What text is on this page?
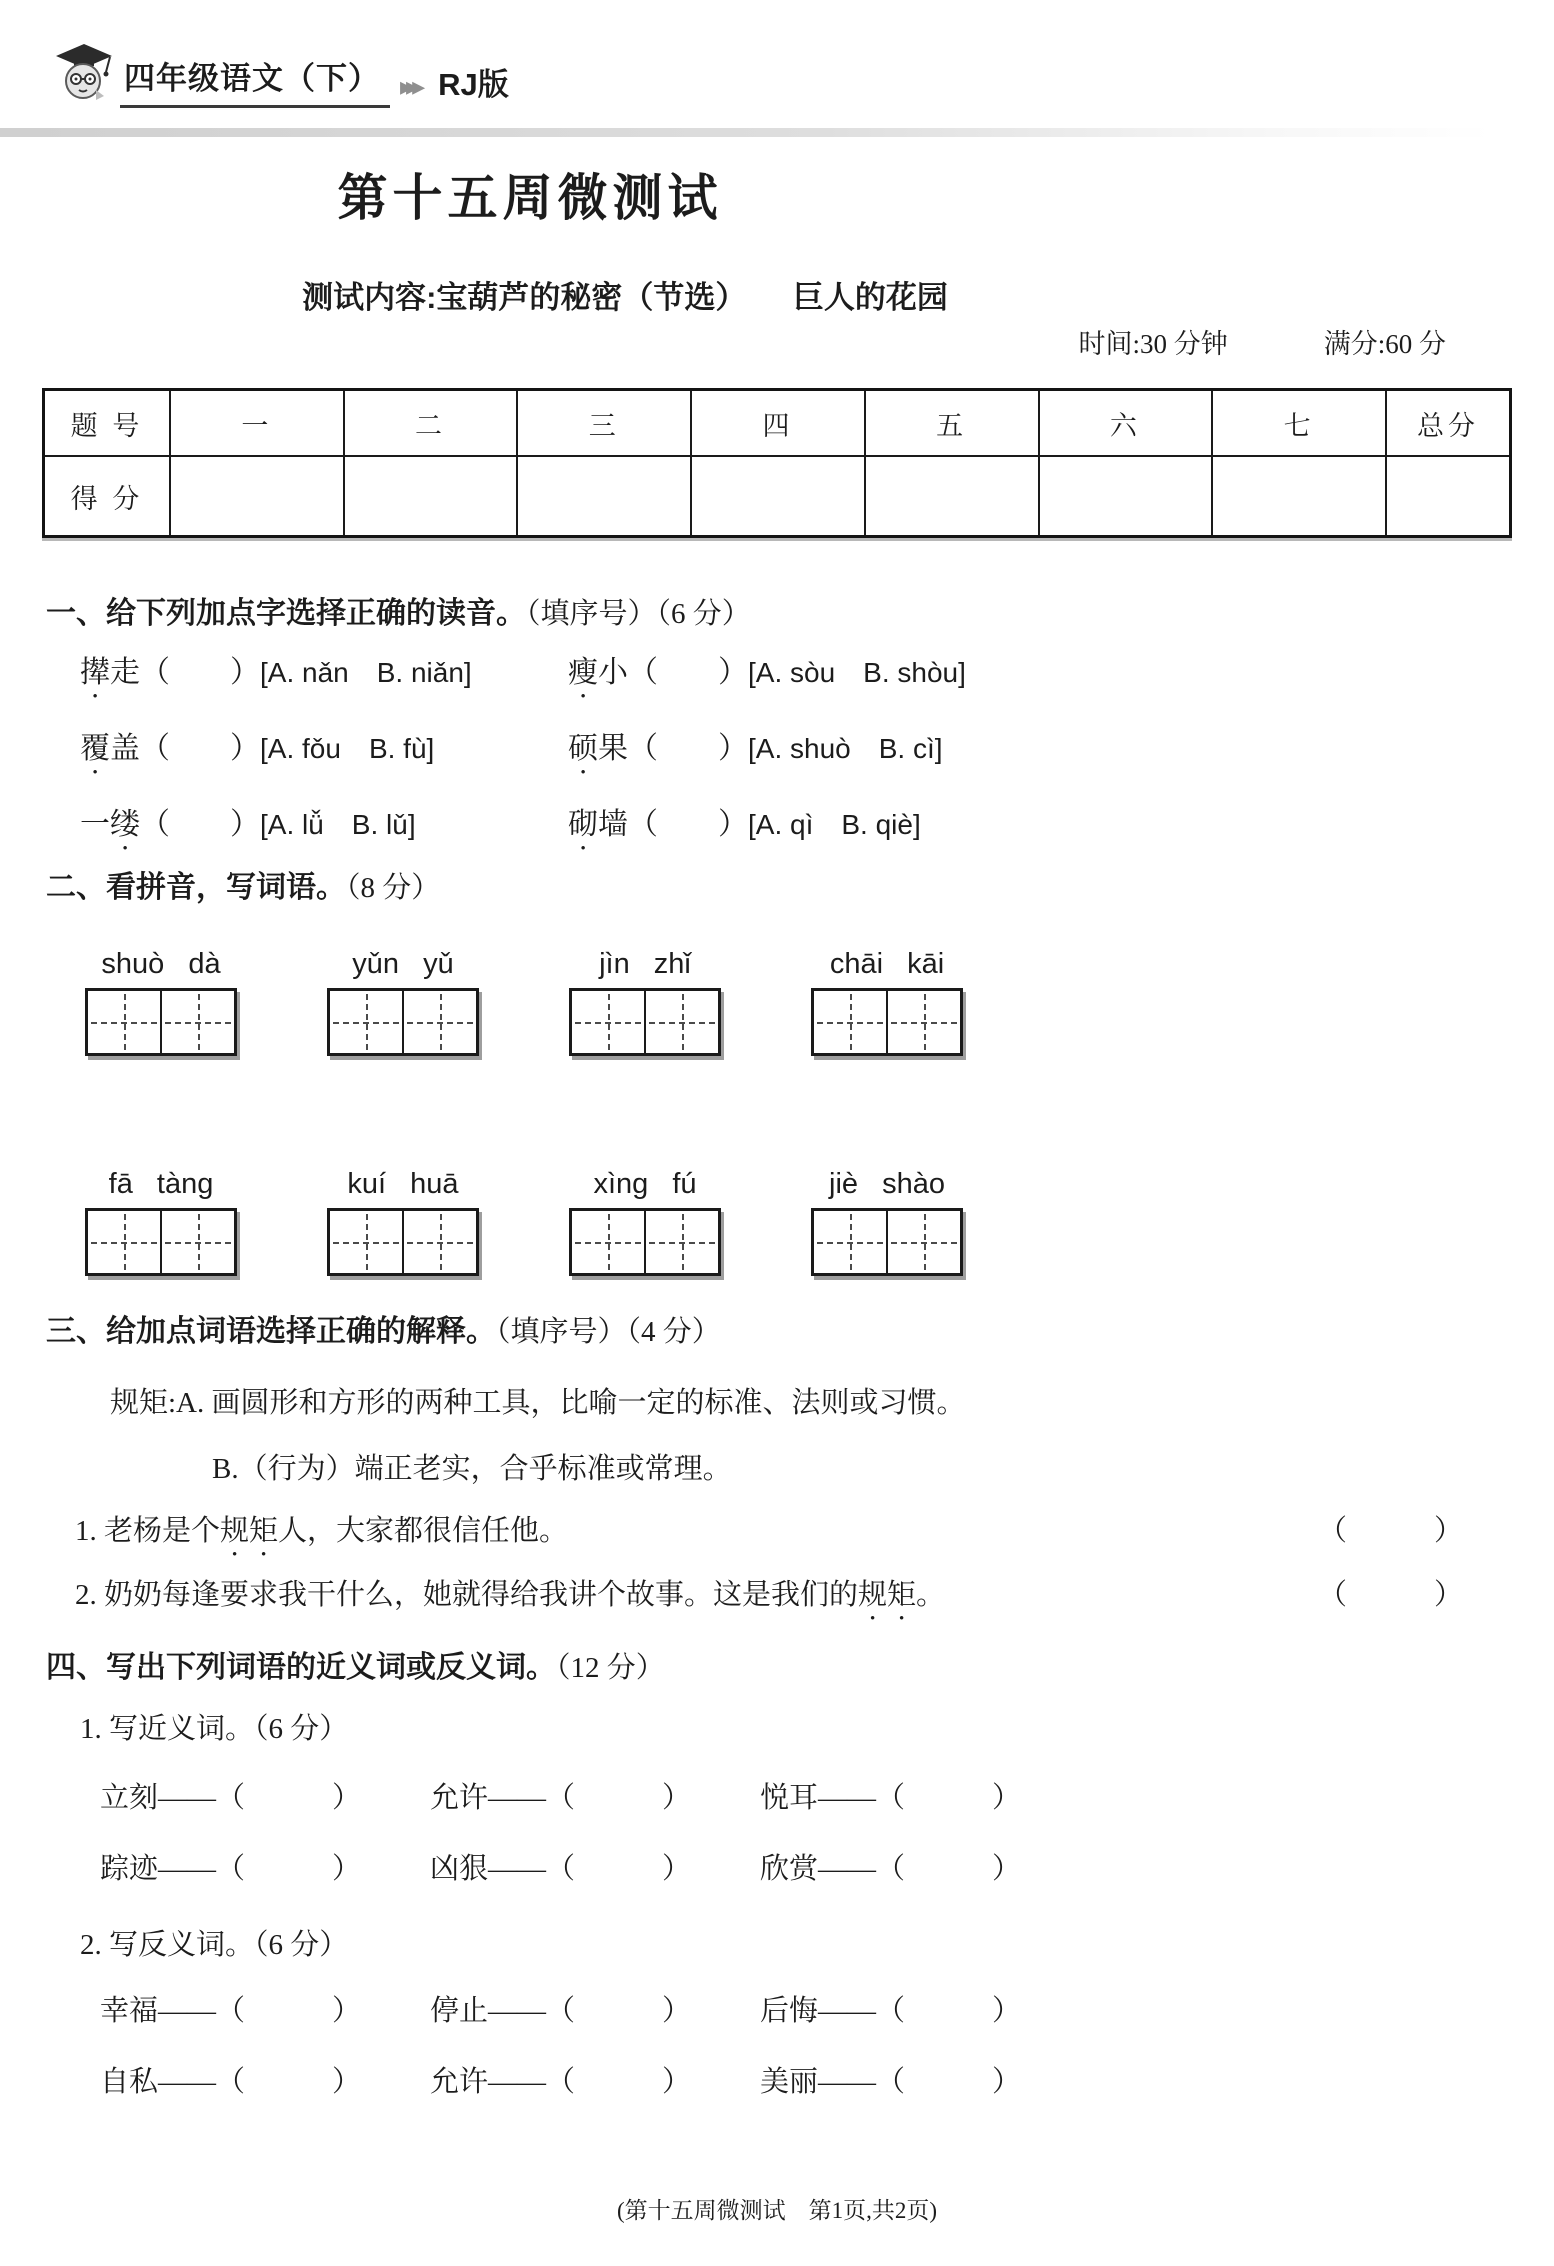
四年级语文（下） ▸▸▸ RJ版
第十五周微测试
测试内容:宝葫芦的秘密（节选）　　巨人的花园
时间:30 分钟	满分:60 分
题 号	一	二	三	四	五	六	七	总分
得 分								
一、给下列加点字选择正确的读音。（填序号）（6 分）
撵走（　　）[A. nǎn　B. niǎn]	瘦小（　　）[A. sòu　B. shòu]
覆盖（　　）[A. fǒu　B. fù]	硕果（　　）[A. shuò　B. cì]
一缕（　　）[A. lǚ　B. lǔ]	砌墙（　　）[A. qì　B. qiè]
二、看拼音，写词语。（8 分）
shuò dà	yǔn yǔ	jìn zhǐ	chāi kāi
fā tàng	kuí huā	xìng fú	jiè shào
三、给加点词语选择正确的解释。（填序号）（4 分）
规矩:A. 画圆形和方形的两种工具，比喻一定的标准、法则或习惯。
B.（行为）端正老实，合乎标准或常理。
1. 老杨是个规矩人，大家都很信任他。	（　　　）
2. 奶奶每逢要求我干什么，她就得给我讲个故事。这是我们的规矩。	（　　　）
四、写出下列词语的近义词或反义词。（12 分）
1. 写近义词。（6 分）
立刻——（　　　）	允许——（　　　）	悦耳——（　　　）
踪迹——（　　　）	凶狠——（　　　）	欣赏——（　　　）
2. 写反义词。（6 分）
幸福——（　　　）	停止——（　　　）	后悔——（　　　）
自私——（　　　）	允许——（　　　）	美丽——（　　　）
(第十五周微测试　第1页,共2页)
